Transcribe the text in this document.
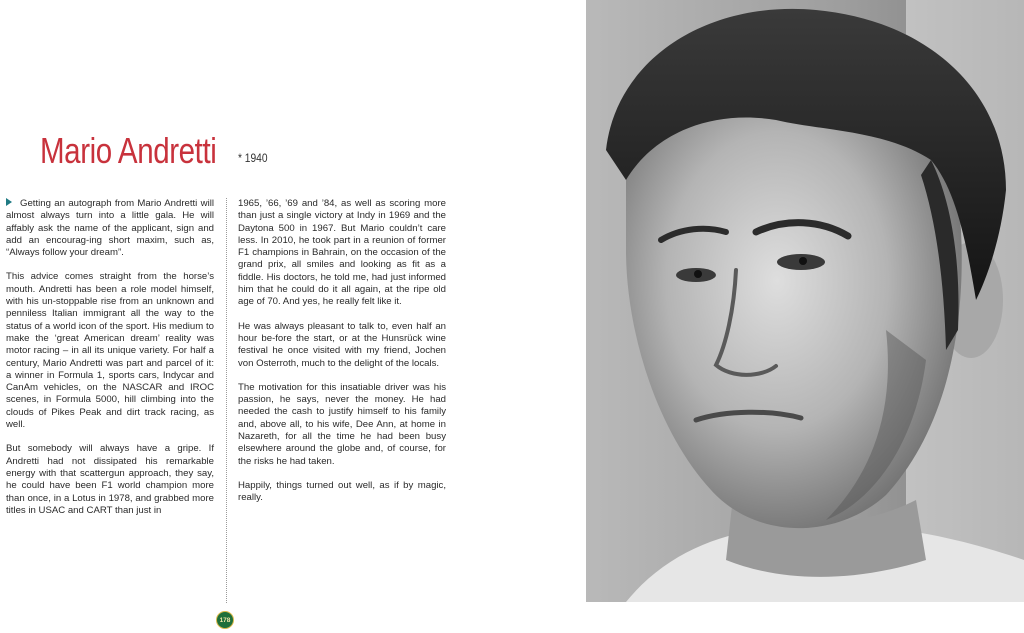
Mario Andretti * 1940

Getting an autograph from Mario Andretti will almost always turn into a little gala. He will affably ask the name of the applicant, sign and add an encourag-ing short maxim, such as, “Always follow your dream”.

This advice comes straight from the horse’s mouth. Andretti has been a role model himself, with his un-stoppable rise from an unknown and penniless Italian immigrant all the way to the status of a world icon of the sport. His medium to make the ‘great American dream’ reality was motor racing – in all its unique variety. For half a century, Mario Andretti was part and parcel of it: a winner in Formula 1, sports cars, Indycar and CanAm vehicles, on the NASCAR and IROC scenes, in Formula 5000, hill climbing into the clouds of Pikes Peak and dirt track racing, as well.

But somebody will always have a gripe. If Andretti had not dissipated his remarkable energy with that scattergun approach, they say, he could have been F1 world champion more than once, in a Lotus in 1978, and grabbed more titles in USAC and CART than just in

1965, ’66, ’69 and ’84, as well as scoring more than just a single victory at Indy in 1969 and the Daytona 500 in 1967. But Mario couldn’t care less. In 2010, he took part in a reunion of former F1 champions in Bahrain, on the occasion of the grand prix, all smiles and looking as fit as a fiddle. His doctors, he told me, had just informed him that he could do it all again, at the ripe old age of 70. And yes, he really felt like it.

He was always pleasant to talk to, even half an hour be-fore the start, or at the Hunsrück wine festival he once visited with my friend, Jochen von Osterroth, much to the delight of the locals.

The motivation for this insatiable driver was his passion, he says, never the money. He had needed the cash to justify himself to his family and, above all, to his wife, Dee Ann, at home in Nazareth, for all the time he had been busy elsewhere around the globe and, of course, for the risks he had taken.

Happily, things turned out well, as if by magic, really.

178
